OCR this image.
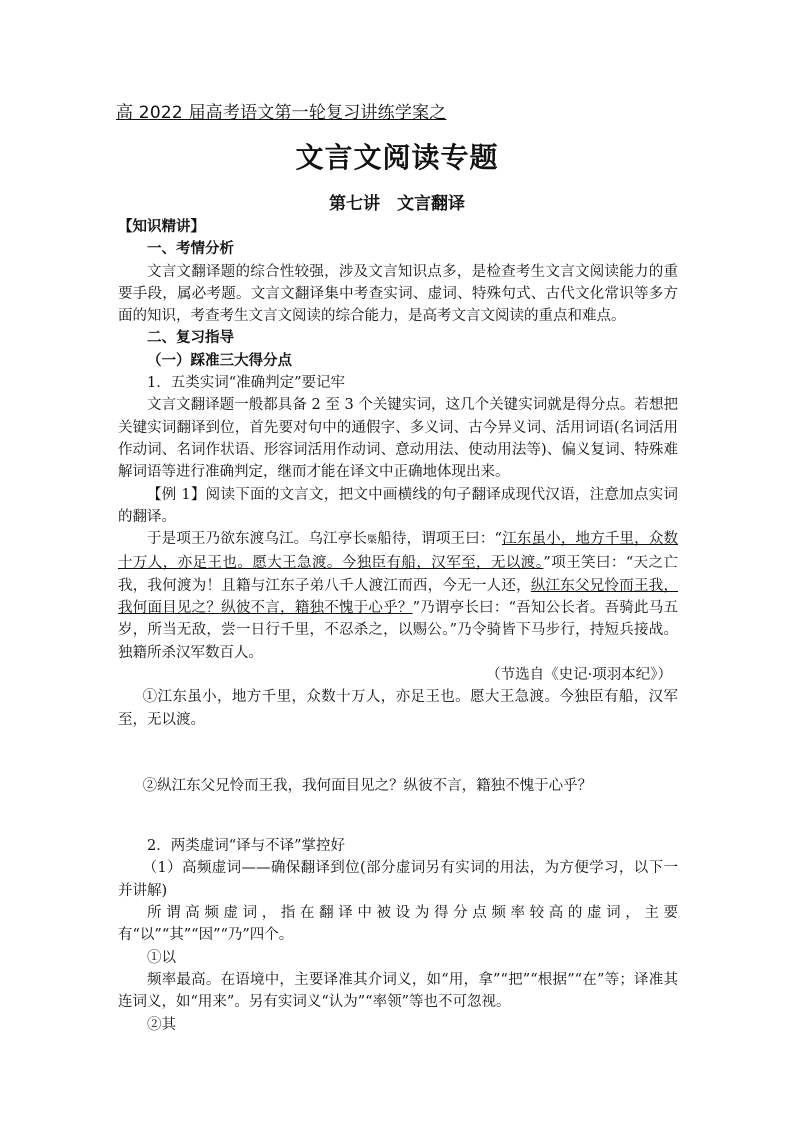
高 2022 届高考语文第一轮复习讲练学案之
文言文阅读专题
第七讲　文言翻译

【知识精讲】

一、考情分析

文言文翻译题的综合性较强，涉及文言知识点多，是检查考生文言文阅读能力的重要手段，属必考题。文言文翻译集中考查实词、虚词、特殊句式、古代文化常识等多方面的知识，考查考生文言文阅读的综合能力，是高考文言文阅读的重点和难点。

二、复习指导

（一）踩准三大得分点

1．五类实词“准确判定”要记牢

文言文翻译题一般都具备 2 至 3 个关键实词，这几个关键实词就是得分点。若想把关键实词翻译到位，首先要对句中的通假字、多义词、古今异义词、活用词语(名词活用作动词、名词作状语、形容词活用作动词、意动用法、使动用法等)、偏义复词、特殊难解词语等进行准确判定，继而才能在译文中正确地体现出来。

【例 1】阅读下面的文言文，把文中画横线的句子翻译成现代汉语，注意加点实词的翻译。

于是项王乃欲东渡乌江。乌江亭长㮣船待，谓项王曰：“江东虽小，地方千里，众数十万人，亦足王也。愿大王急渡。今独臣有船，汉军至，无以渡。”项王笑曰：“天之亡我，我何渡为！且籍与江东子弟八千人渡江而西，今无一人还，纵江东父兄怜而王我，我何面目见之？纵彼不言，籍独不愧于心乎？”乃谓亭长曰：“吾知公长者。吾骑此马五岁，所当无敌，尝一日行千里，不忍杀之，以赐公。”乃令骑皆下马步行，持短兵接战。独籍所杀汉军数百人。

（节选自《史记·项羽本纪》）

①江东虽小，地方千里，众数十万人，亦足王也。愿大王急渡。今独臣有船，汉军至，无以渡。

②纵江东父兄怜而王我，我何面目见之？纵彼不言，籍独不愧于心乎？

2．两类虚词“译与不译”掌控好

（1）高频虚词——确保翻译到位(部分虚词另有实词的用法，为方便学习，以下一并讲解)

所谓高频虚词，指在翻译中被设为得分点频率较高的虚词，主要有“以”“其”“因”“乃”四个。

①以

频率最高。在语境中，主要译准其介词义，如“用，拿”“把”“根据”“在”等；译准其连词义，如“用来”。另有实词义“认为”“率领”等也不可忽视。

②其
